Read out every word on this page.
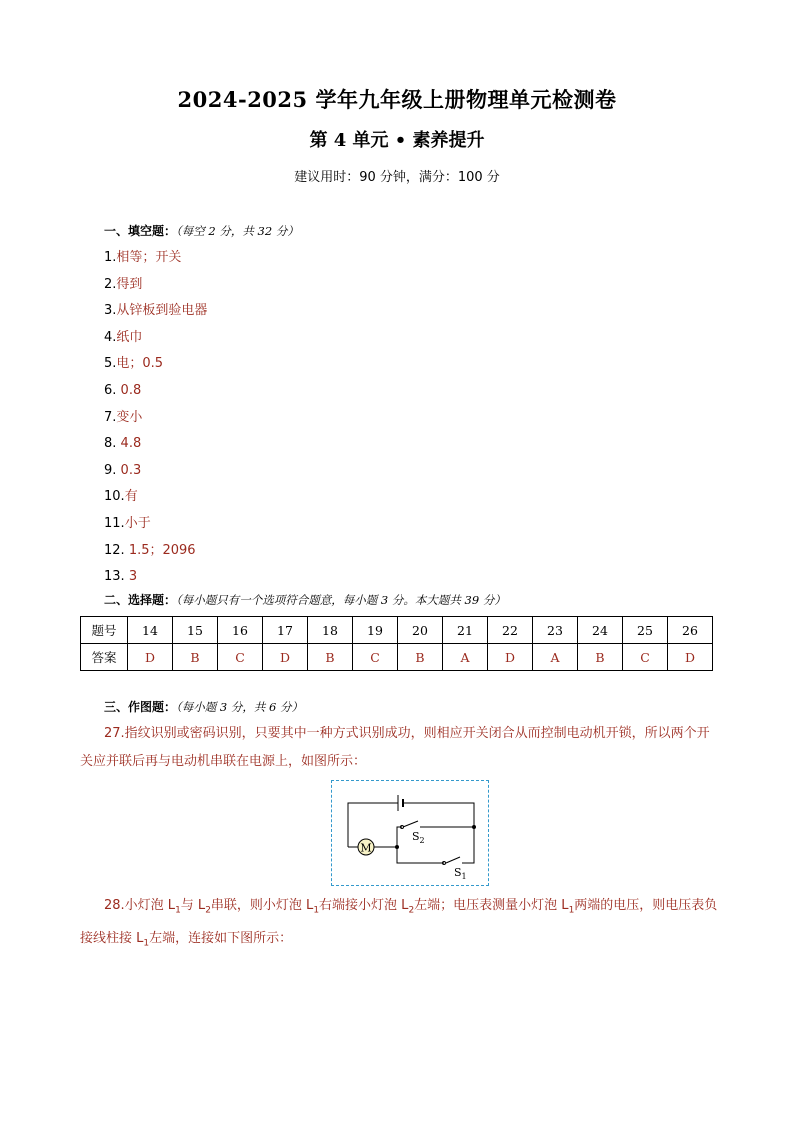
2024-2025 学年九年级上册物理单元检测卷
第 4 单元 • 素养提升
建议用时：90 分钟，满分：100 分
一、填空题：（每空 2 分，共 32 分）
1.相等；开关
2.得到
3.从锌板到验电器
4.纸巾
5.电；0.5
6. 0.8
7.变小
8. 4.8
9. 0.3
10.有
11.小于
12. 1.5；2096
13. 3
二、选择题：（每小题只有一个选项符合题意，每小题 3 分。本大题共 39 分）
题号	14	15	16	17	18	19	20	21	22	23	24	25	26
答案	D	B	C	D	B	C	B	A	D	A	B	C	D
三、作图题：（每小题 3 分，共 6 分）
27.指纹识别或密码识别，只要其中一种方式识别成功，则相应开关闭合从而控制电动机开锁，所以两个开关应并联后再与电动机串联在电源上，如图所示：
M
$S_2$
$S_1$
28.小灯泡 $L_1$与 $L_2$串联，则小灯泡 $L_1$右端接小灯泡 $L_2$左端；电压表测量小灯泡 $L_1$两端的电压，则电压表负接线柱接 $L_1$左端，连接如下图所示：
